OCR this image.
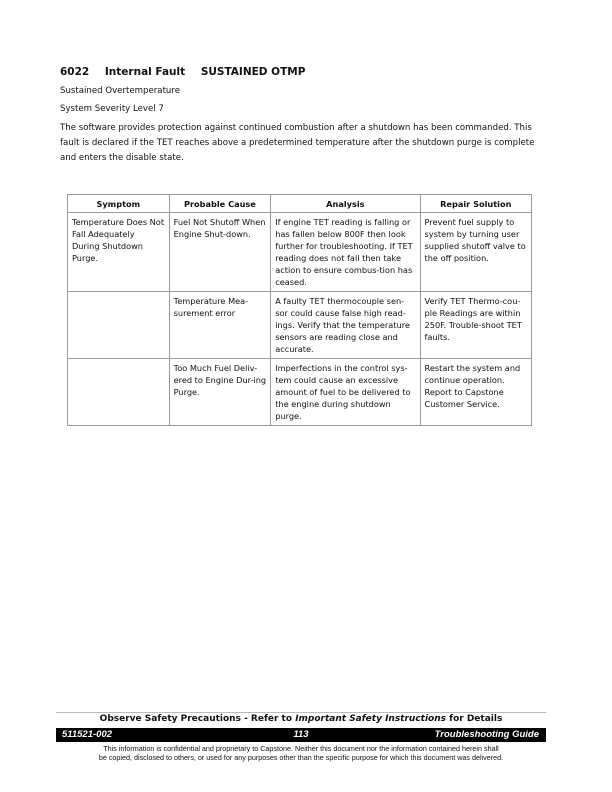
6022 Internal Fault SUSTAINED OTMP
Sustained Overtemperature
System Severity Level 7
The software provides protection against continued combustion after a shutdown has been commanded. This fault is declared if the TET reaches above a predetermined temperature after the shutdown purge is complete and enters the disable state.
Symptom	Probable Cause	Analysis	Repair Solution
Temperature Does Not Fall Adequately During Shutdown Purge.	Fuel Not Shutoff When Engine Shut-down.	If engine TET reading is falling or has fallen below 800F then look further for troubleshooting. If TET reading does not fall then take action to ensure combus-tion has ceased.	Prevent fuel supply to system by turning user supplied shutoff valve to the off position.
	Temperature Mea-surement error	A faulty TET thermocouple sen-sor could cause false high read-ings. Verify that the temperature sensors are reading close and accurate.	Verify TET Thermo-cou-ple Readings are within 250F. Trouble-shoot TET faults.
	Too Much Fuel Deliv-ered to Engine Dur-ing Purge.	Imperfections in the control sys-tem could cause an excessive amount of fuel to be delivered to the engine during shutdown purge.	Restart the system and continue operation. Report to Capstone Customer Service.
Observe Safety Precautions - Refer to Important Safety Instructions for Details
113
511521-002	Troubleshooting Guide
This information is confidential and proprietary to Capstone. Neither this document nor the information contained herein shall
be copied, disclosed to others, or used for any purposes other than the specific purpose for which this document was delivered.
